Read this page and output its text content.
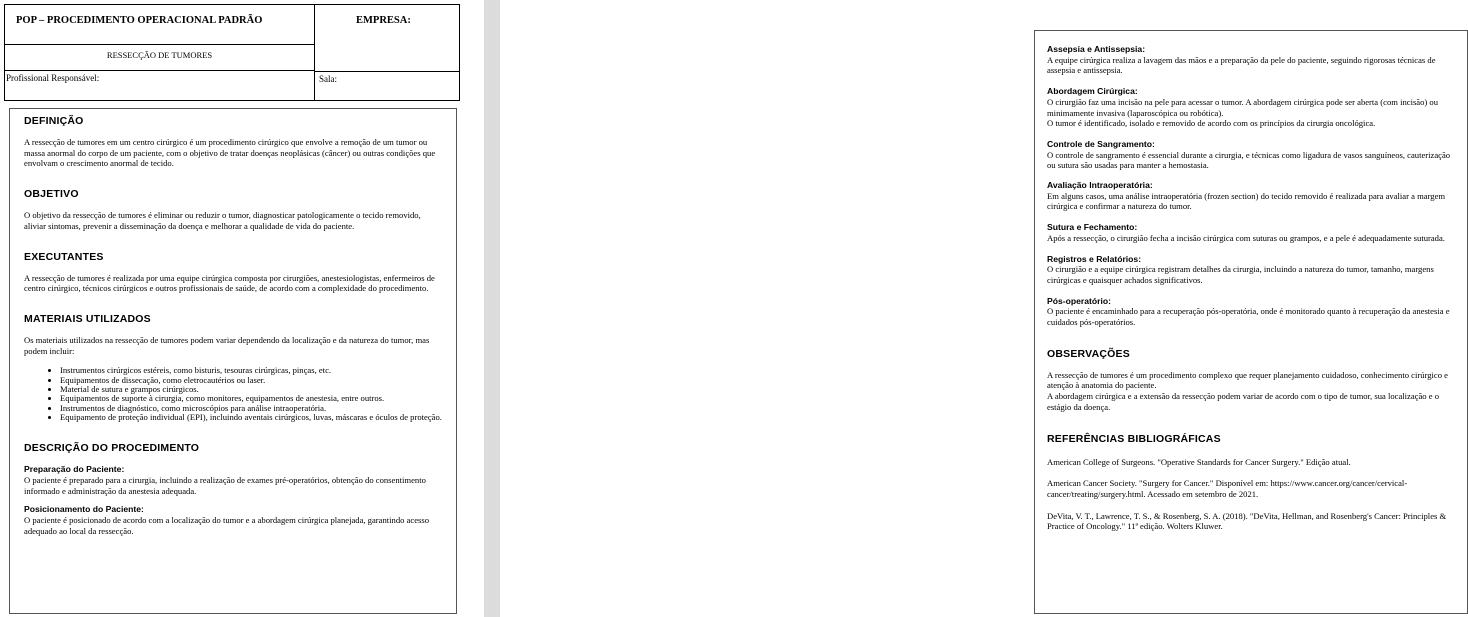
POP – PROCEDIMENTO OPERACIONAL PADRÃO	EMPRESA:
RESSECÇÃO DE TUMORES
Profissional Responsável:	Sala:
DEFINIÇÃO

A ressecção de tumores em um centro cirúrgico é um procedimento cirúrgico que envolve a remoção de um tumor ou massa anormal do corpo de um paciente, com o objetivo de tratar doenças neoplásicas (câncer) ou outras condições que envolvam o crescimento anormal de tecido.

OBJETIVO

O objetivo da ressecção de tumores é eliminar ou reduzir o tumor, diagnosticar patologicamente o tecido removido, aliviar sintomas, prevenir a disseminação da doença e melhorar a qualidade de vida do paciente.

EXECUTANTES

A ressecção de tumores é realizada por uma equipe cirúrgica composta por cirurgiões, anestesiologistas, enfermeiros de centro cirúrgico, técnicos cirúrgicos e outros profissionais de saúde, de acordo com a complexidade do procedimento.

MATERIAIS UTILIZADOS

Os materiais utilizados na ressecção de tumores podem variar dependendo da localização e da natureza do tumor, mas podem incluir:

• Instrumentos cirúrgicos estéreis, como bisturis, tesouras cirúrgicas, pinças, etc.
• Equipamentos de dissecação, como eletrocautérios ou laser.
• Material de sutura e grampos cirúrgicos.
• Equipamentos de suporte à cirurgia, como monitores, equipamentos de anestesia, entre outros.
• Instrumentos de diagnóstico, como microscópios para análise intraoperatória.
• Equipamento de proteção individual (EPI), incluindo aventais cirúrgicos, luvas, máscaras e óculos de proteção.
DESCRIÇÃO DO PROCEDIMENTO

Preparação do Paciente:

O paciente é preparado para a cirurgia, incluindo a realização de exames pré-operatórios, obtenção do consentimento informado e administração da anestesia adequada.

Posicionamento do Paciente:

O paciente é posicionado de acordo com a localização do tumor e a abordagem cirúrgica planejada, garantindo acesso adequado ao local da ressecção.

Assepsia e Antissepsia:

A equipe cirúrgica realiza a lavagem das mãos e a preparação da pele do paciente, seguindo rigorosas técnicas de assepsia e antissepsia.

Abordagem Cirúrgica:

O cirurgião faz uma incisão na pele para acessar o tumor. A abordagem cirúrgica pode ser aberta (com incisão) ou minimamente invasiva (laparoscópica ou robótica).

O tumor é identificado, isolado e removido de acordo com os princípios da cirurgia oncológica.

Controle de Sangramento:

O controle de sangramento é essencial durante a cirurgia, e técnicas como ligadura de vasos sanguíneos, cauterização ou sutura são usadas para manter a hemostasia.

Avaliação Intraoperatória:

Em alguns casos, uma análise intraoperatória (frozen section) do tecido removido é realizada para avaliar a margem cirúrgica e confirmar a natureza do tumor.

Sutura e Fechamento:

Após a ressecção, o cirurgião fecha a incisão cirúrgica com suturas ou grampos, e a pele é adequadamente suturada.

Registros e Relatórios:

O cirurgião e a equipe cirúrgica registram detalhes da cirurgia, incluindo a natureza do tumor, tamanho, margens cirúrgicas e quaisquer achados significativos.

Pós-operatório:

O paciente é encaminhado para a recuperação pós-operatória, onde é monitorado quanto à recuperação da anestesia e cuidados pós-operatórios.

OBSERVAÇÕES

A ressecção de tumores é um procedimento complexo que requer planejamento cuidadoso, conhecimento cirúrgico e atenção à anatomia do paciente.

A abordagem cirúrgica e a extensão da ressecção podem variar de acordo com o tipo de tumor, sua localização e o estágio da doença.

REFERÊNCIAS BIBLIOGRÁFICAS

American College of Surgeons. "Operative Standards for Cancer Surgery." Edição atual.

American Cancer Society. "Surgery for Cancer." Disponível em: https://www.cancer.org/cancer/cervical-cancer/treating/surgery.html. Acessado em setembro de 2021.

DeVita, V. T., Lawrence, T. S., & Rosenberg, S. A. (2018). "DeVita, Hellman, and Rosenberg's Cancer: Principles & Practice of Oncology." 11ª edição. Wolters Kluwer.
